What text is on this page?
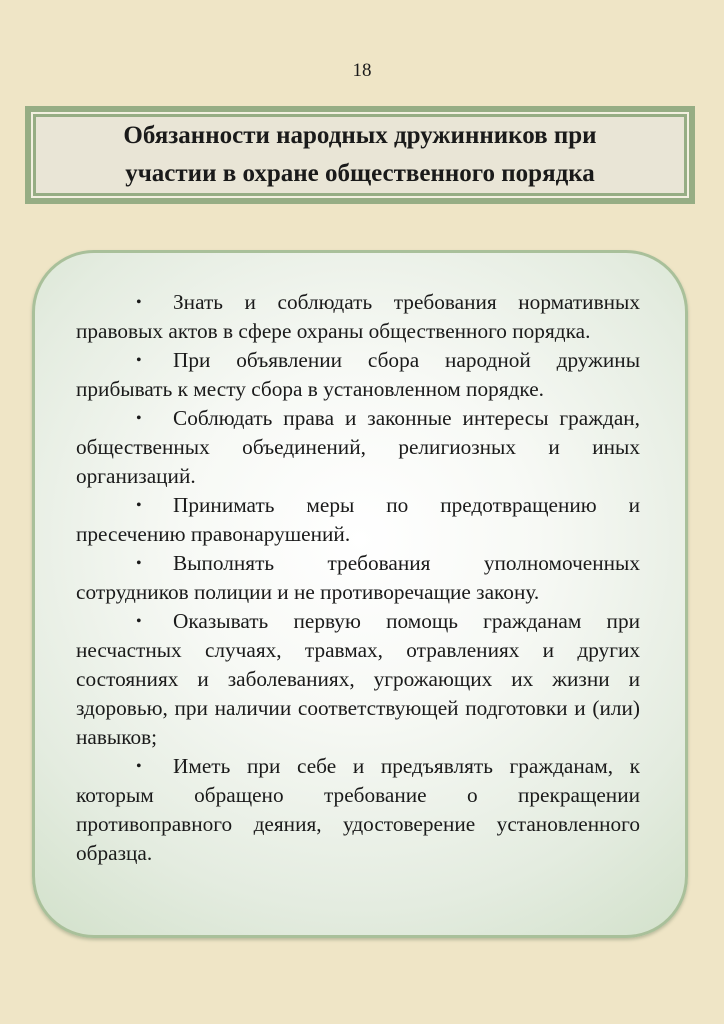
18
Обязанности народных дружинников при
участии в охране общественного порядка

• Знать и соблюдать требования нормативных правовых актов в сфере охраны общественного порядка.

• При объявлении сбора народной дружины прибывать к месту сбора в установленном порядке.

• Соблюдать права и законные интересы граждан, общественных объединений, религиозных и иных организаций.

• Принимать меры по предотвращению и пресечению правонарушений.

• Выполнять требования уполномоченных сотрудников полиции и не противоречащие закону.

• Оказывать первую помощь гражданам при несчастных случаях, травмах, отравлениях и других состояниях и заболеваниях, угрожающих их жизни и здоровью, при наличии соответствующей подготовки и (или) навыков;

• Иметь при себе и предъявлять гражданам, к которым обращено требование о прекращении противоправного деяния, удостоверение установленного образца.
